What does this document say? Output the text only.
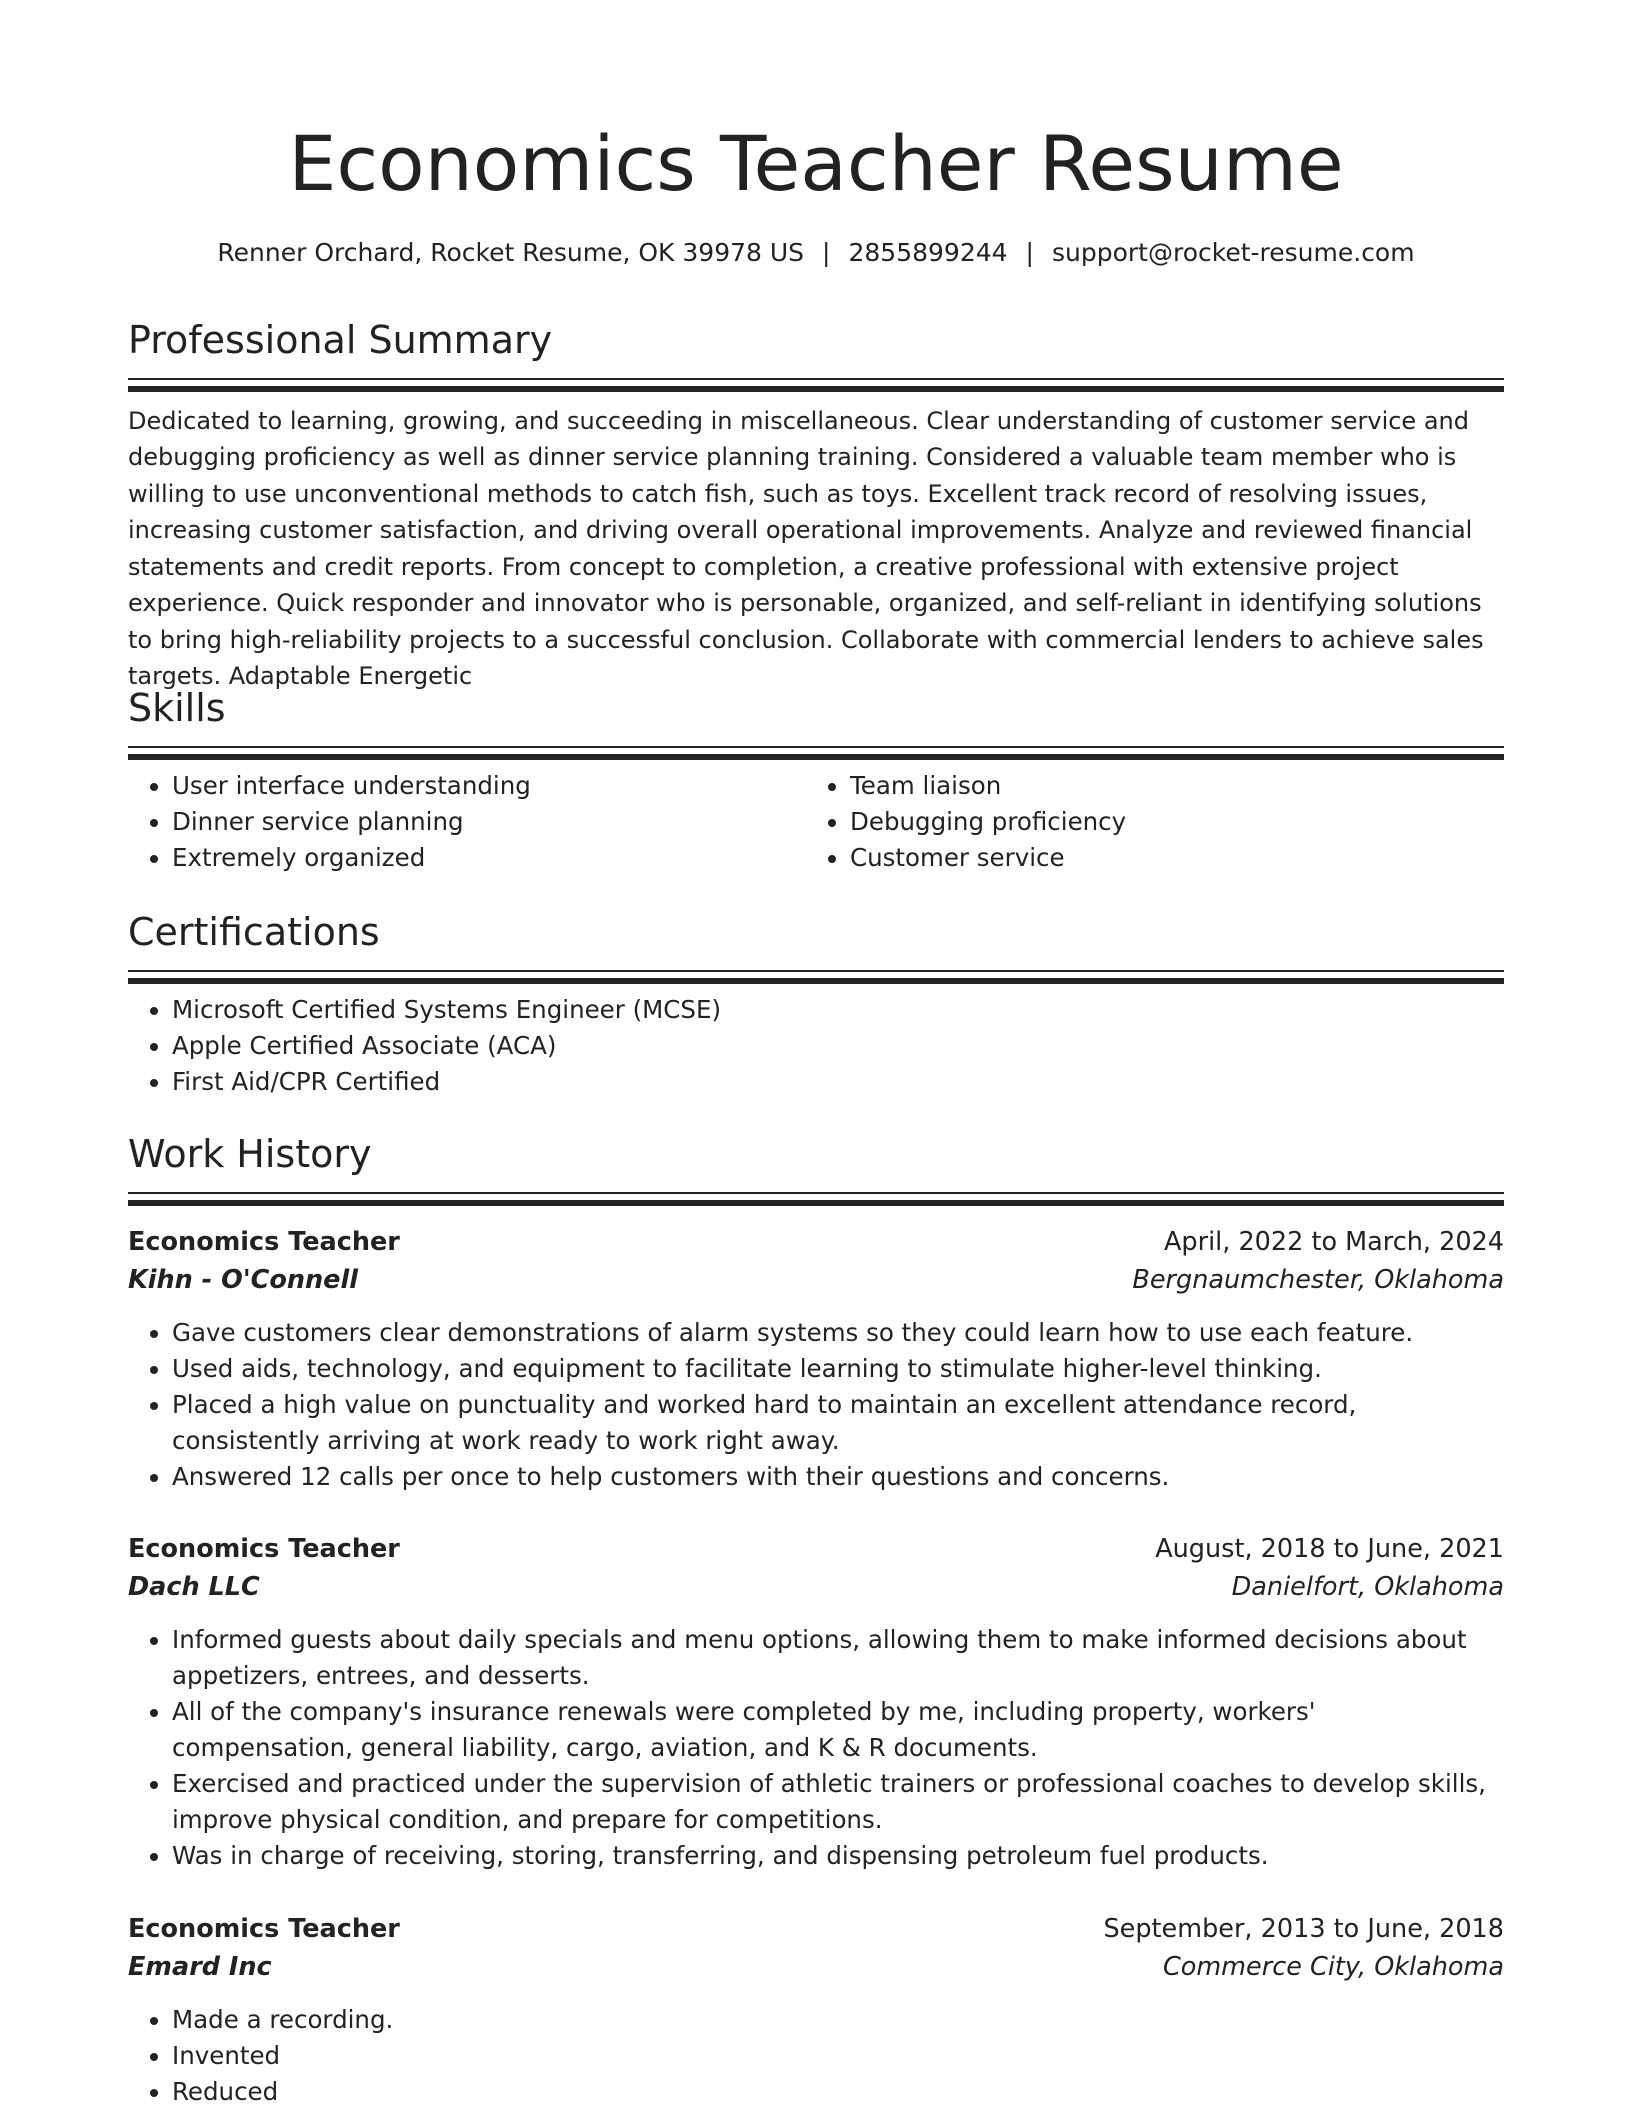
Economics Teacher Resume
Renner Orchard, Rocket Resume, OK 39978 US | 2855899244 | support@rocket-resume.com
Professional Summary

Dedicated to learning, growing, and succeeding in miscellaneous. Clear understanding of customer service and debugging proficiency as well as dinner service planning training. Considered a valuable team member who is willing to use unconventional methods to catch fish, such as toys. Excellent track record of resolving issues, increasing customer satisfaction, and driving overall operational improvements. Analyze and reviewed financial statements and credit reports. From concept to completion, a creative professional with extensive project experience. Quick responder and innovator who is personable, organized, and self-reliant in identifying solutions to bring high-reliability projects to a successful conclusion. Collaborate with commercial lenders to achieve sales targets. Adaptable Energetic

Skills
• User interface understanding
• Dinner service planning
• Extremely organized
• Team liaison
• Debugging proficiency
• Customer service
Certifications
• Microsoft Certified Systems Engineer (MCSE)
• Apple Certified Associate (ACA)
• First Aid/CPR Certified
Work History
Economics Teacher	April, 2022 to March, 2024
Kihn - O'Connell	Bergnaumchester, Oklahoma
• Gave customers clear demonstrations of alarm systems so they could learn how to use each feature.
• Used aids, technology, and equipment to facilitate learning to stimulate higher-level thinking.
• Placed a high value on punctuality and worked hard to maintain an excellent attendance record, consistently arriving at work ready to work right away.
• Answered 12 calls per once to help customers with their questions and concerns.
Economics Teacher	August, 2018 to June, 2021
Dach LLC	Danielfort, Oklahoma
• Informed guests about daily specials and menu options, allowing them to make informed decisions about appetizers, entrees, and desserts.
• All of the company's insurance renewals were completed by me, including property, workers' compensation, general liability, cargo, aviation, and K & R documents.
• Exercised and practiced under the supervision of athletic trainers or professional coaches to develop skills, improve physical condition, and prepare for competitions.
• Was in charge of receiving, storing, transferring, and dispensing petroleum fuel products.
Economics Teacher	September, 2013 to June, 2018
Emard Inc	Commerce City, Oklahoma
• Made a recording.
• Invented
• Reduced
